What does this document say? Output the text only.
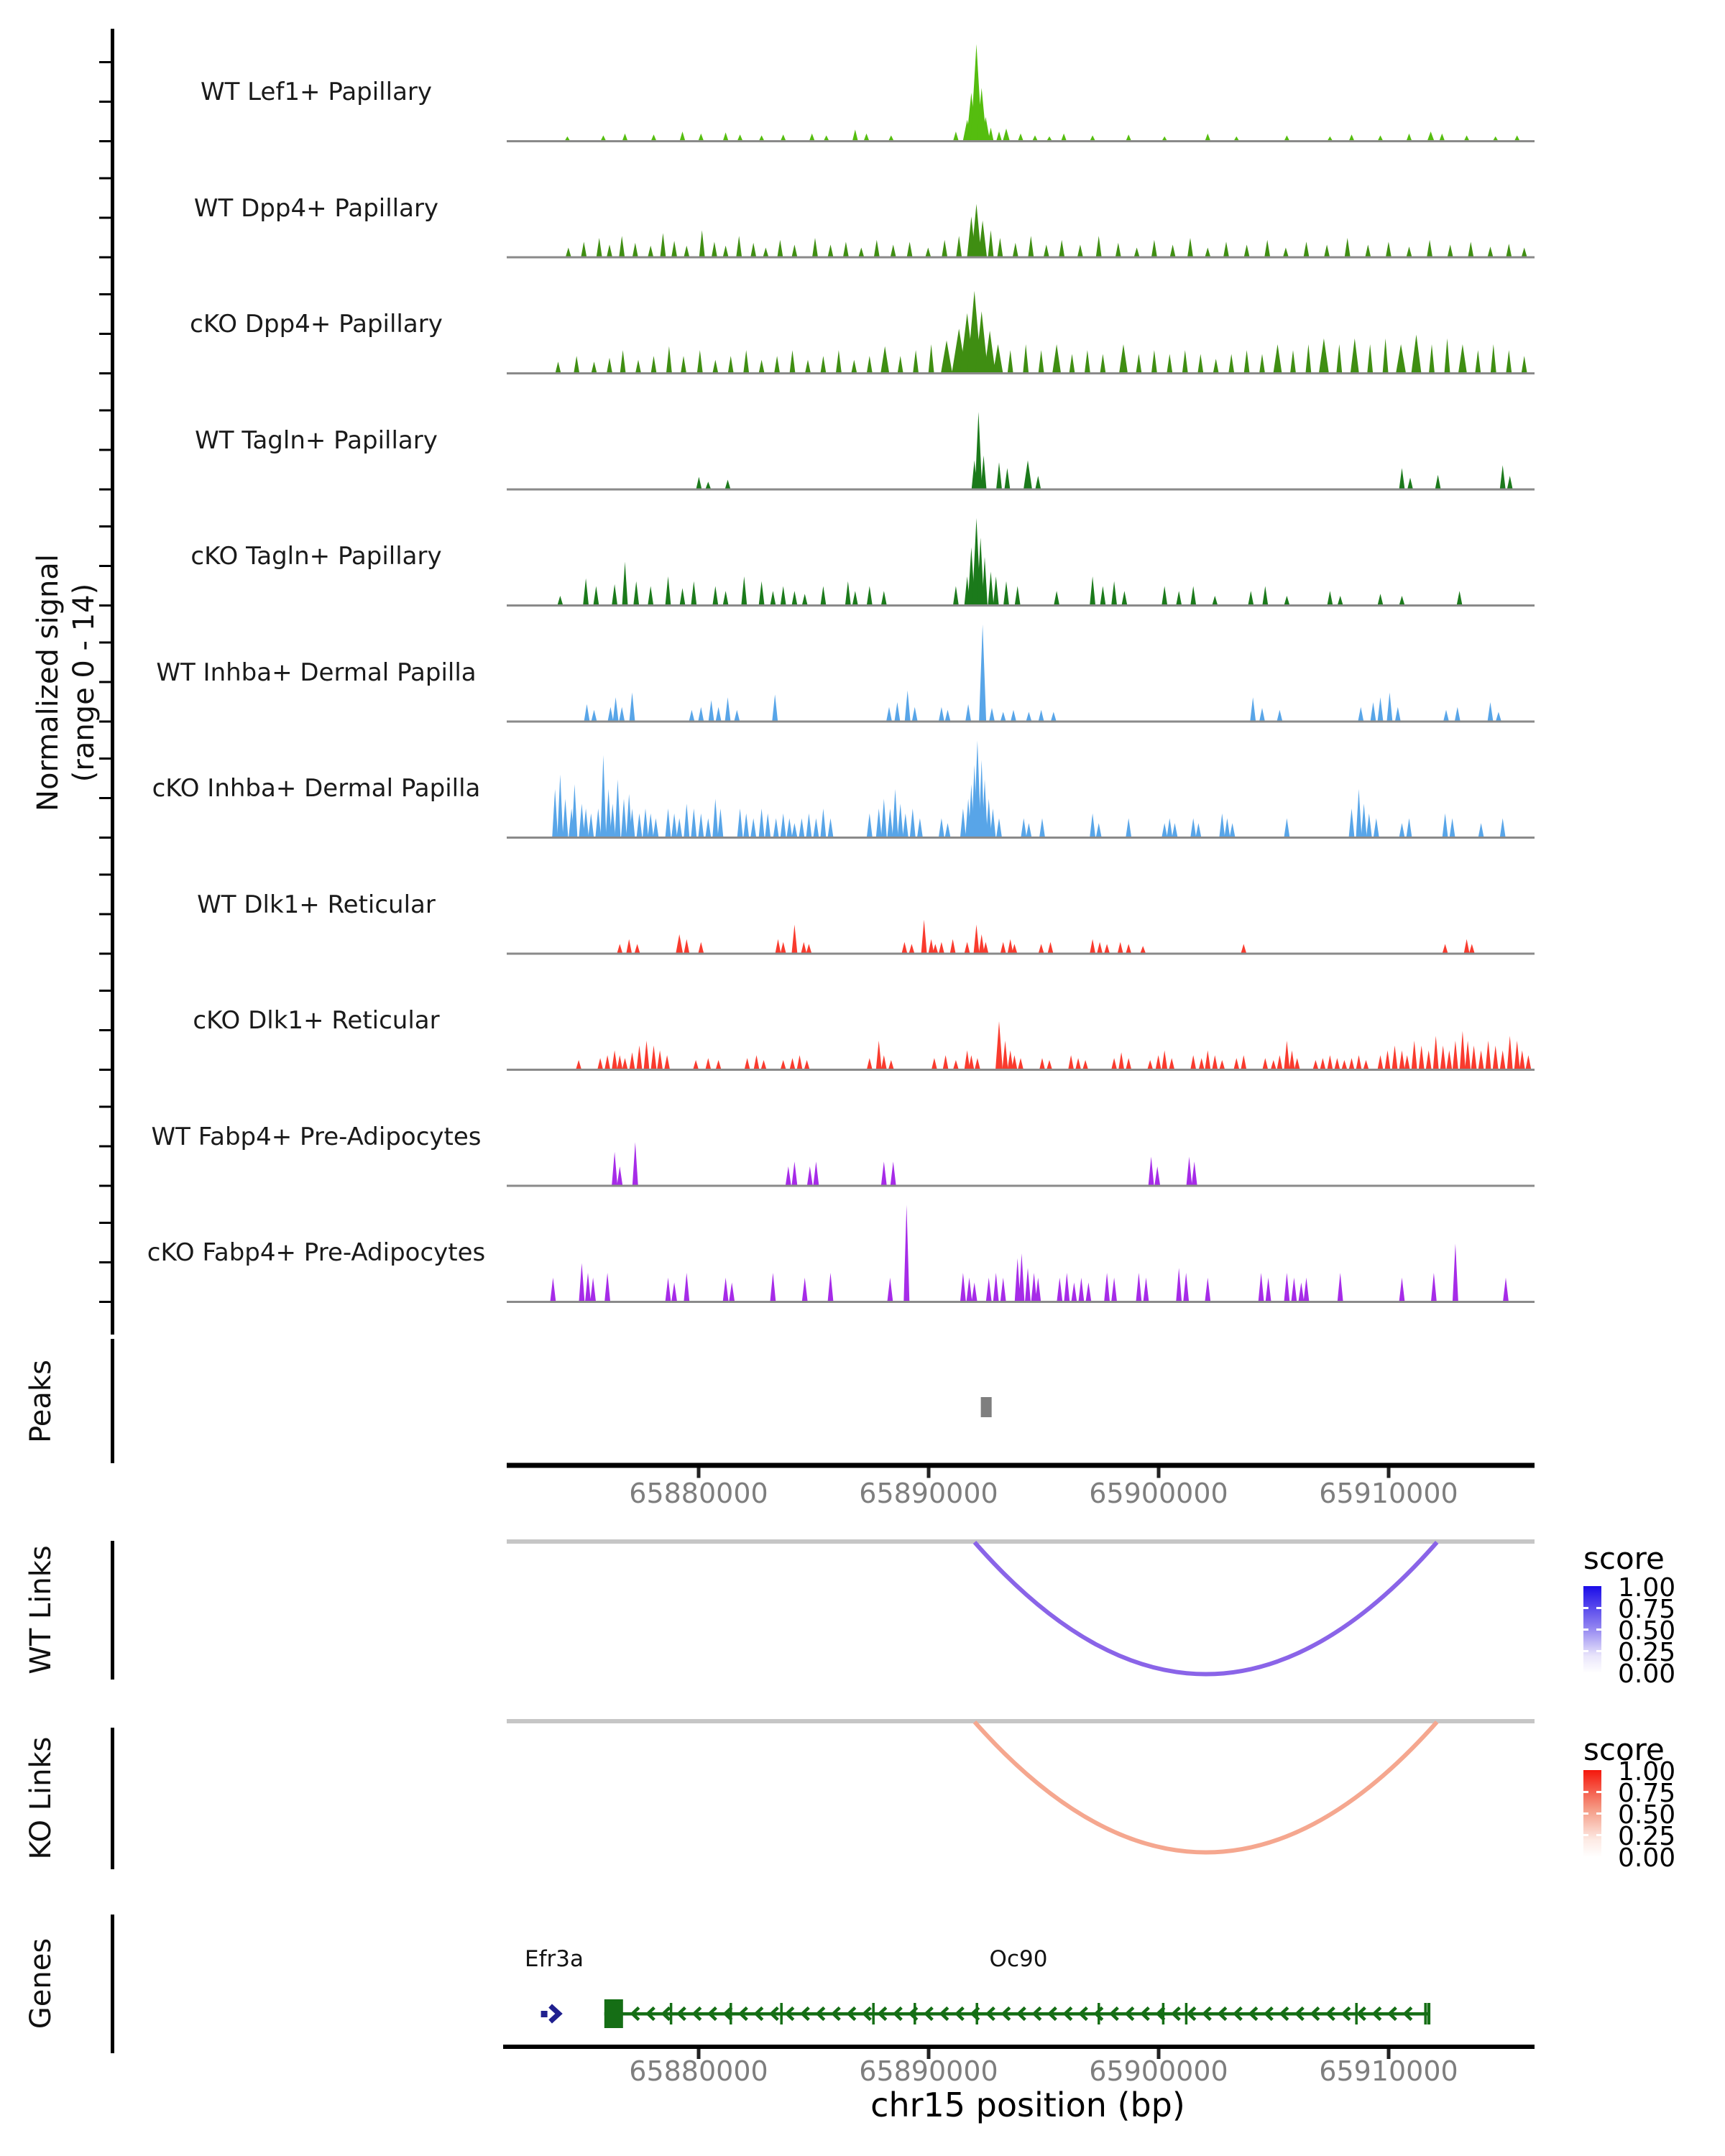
Normalized signal (range 0 - 14)
WT Lef1+ Papillary
WT Dpp4+ Papillary
cKO Dpp4+ Papillary
WT Tagln+ Papillary
cKO Tagln+ Papillary
WT Inhba+ Dermal Papilla
cKO Inhba+ Dermal Papilla
WT Dlk1+ Reticular
cKO Dlk1+ Reticular
WT Fabp4+ Pre-Adipocytes
cKO Fabp4+ Pre-Adipocytes
Peaks
WT Links
KO Links
Genes
65880000	65890000	65900000	65910000
65880000	65890000	65900000	65910000
chr15 position (bp)
score
1.00
0.75
0.50
0.25
0.00
score
1.00
0.75
0.50
0.25
0.00
Efr3a	Oc90
